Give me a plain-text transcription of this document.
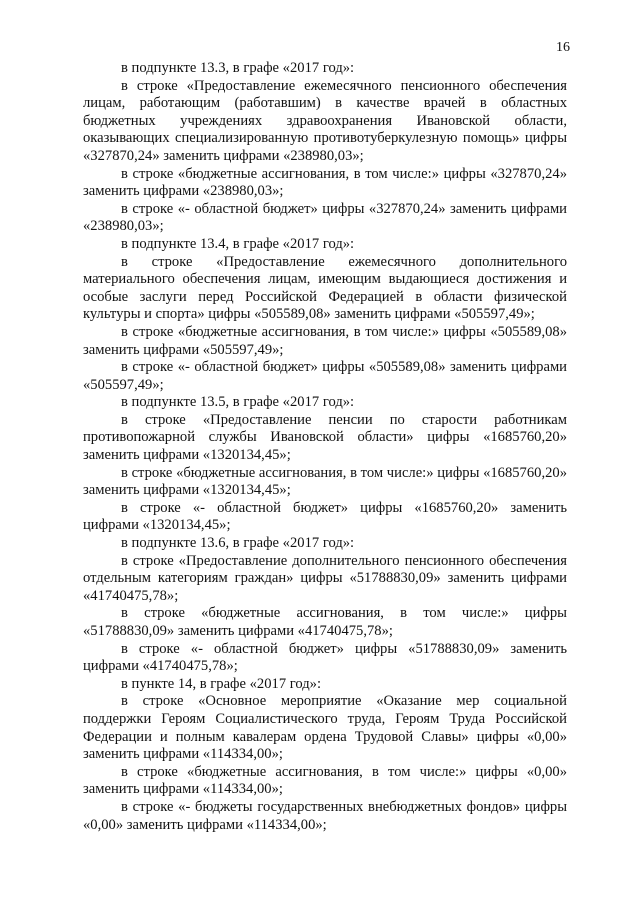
16

в подпункте 13.3, в графе «2017 год»:

в строке «Предоставление ежемесячного пенсионного обеспечения лицам, работающим (работавшим) в качестве врачей в областных бюджетных учреждениях здравоохранения Ивановской области, оказывающих специализированную противотуберкулезную помощь» цифры «327870,24» заменить цифрами «238980,03»;

в строке «бюджетные ассигнования, в том числе:» цифры «327870,24» заменить цифрами «238980,03»;

в строке «- областной бюджет» цифры «327870,24» заменить цифрами «238980,03»;

в подпункте 13.4, в графе «2017 год»:

в строке «Предоставление ежемесячного дополнительного материального обеспечения лицам, имеющим выдающиеся достижения и особые заслуги перед Российской Федерацией в области физической культуры и спорта» цифры «505589,08» заменить цифрами «505597,49»;

в строке «бюджетные ассигнования, в том числе:» цифры «505589,08» заменить цифрами «505597,49»;

в строке «- областной бюджет» цифры «505589,08» заменить цифрами «505597,49»;

в подпункте 13.5, в графе «2017 год»:

в строке «Предоставление пенсии по старости работникам противопожарной службы Ивановской области» цифры «1685760,20» заменить цифрами «1320134,45»;

в строке «бюджетные ассигнования, в том числе:» цифры «1685760,20» заменить цифрами «1320134,45»;

в строке «- областной бюджет» цифры «1685760,20» заменить цифрами «1320134,45»;

в подпункте 13.6, в графе «2017 год»:

в строке «Предоставление дополнительного пенсионного обеспечения отдельным категориям граждан» цифры «51788830,09» заменить цифрами «41740475,78»;

в строке «бюджетные ассигнования, в том числе:» цифры «51788830,09» заменить цифрами «41740475,78»;

в строке «- областной бюджет» цифры «51788830,09» заменить цифрами «41740475,78»;

в пункте 14, в графе «2017 год»:

в строке «Основное мероприятие «Оказание мер социальной поддержки Героям Социалистического труда, Героям Труда Российской Федерации и полным кавалерам ордена Трудовой Славы» цифры «0,00» заменить цифрами «114334,00»;

в строке «бюджетные ассигнования, в том числе:» цифры «0,00» заменить цифрами «114334,00»;

в строке «- бюджеты государственных внебюджетных фондов» цифры «0,00» заменить цифрами «114334,00»;
